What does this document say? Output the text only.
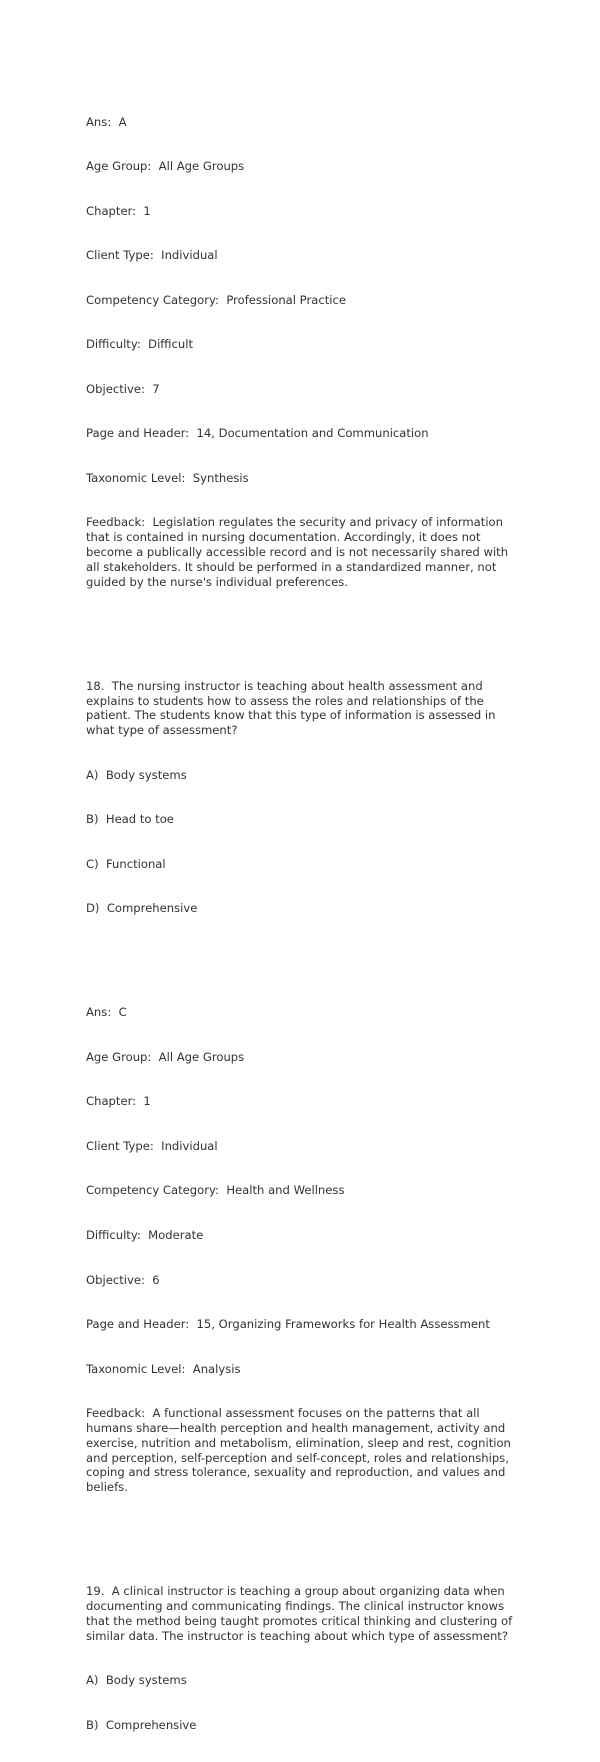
Ans:  A

Age Group:  All Age Groups

Chapter:  1

Client Type:  Individual

Competency Category:  Professional Practice

Difficulty:  Difficult

Objective:  7

Page and Header:  14, Documentation and Communication

Taxonomic Level:  Synthesis

Feedback:  Legislation regulates the security and privacy of information that is contained in nursing documentation. Accordingly, it does not become a publically accessible record and is not necessarily shared with all stakeholders. It should be performed in a standardized manner, not guided by the nurse's individual preferences.

18.  The nursing instructor is teaching about health assessment and explains to students how to assess the roles and relationships of the patient. The students know that this type of information is assessed in what type of assessment?

A)  Body systems

B)  Head to toe

C)  Functional

D)  Comprehensive

Ans:  C

Age Group:  All Age Groups

Chapter:  1

Client Type:  Individual

Competency Category:  Health and Wellness

Difficulty:  Moderate

Objective:  6

Page and Header:  15, Organizing Frameworks for Health Assessment

Taxonomic Level:  Analysis

Feedback:  A functional assessment focuses on the patterns that all humans share—health perception and health management, activity and exercise, nutrition and metabolism, elimination, sleep and rest, cognition and perception, self-perception and self-concept, roles and relationships, coping and stress tolerance, sexuality and reproduction, and values and beliefs.

19.  A clinical instructor is teaching a group about organizing data when documenting and communicating findings. The clinical instructor knows that the method being taught promotes critical thinking and clustering of similar data. The instructor is teaching about which type of assessment?

A)  Body systems

B)  Comprehensive
